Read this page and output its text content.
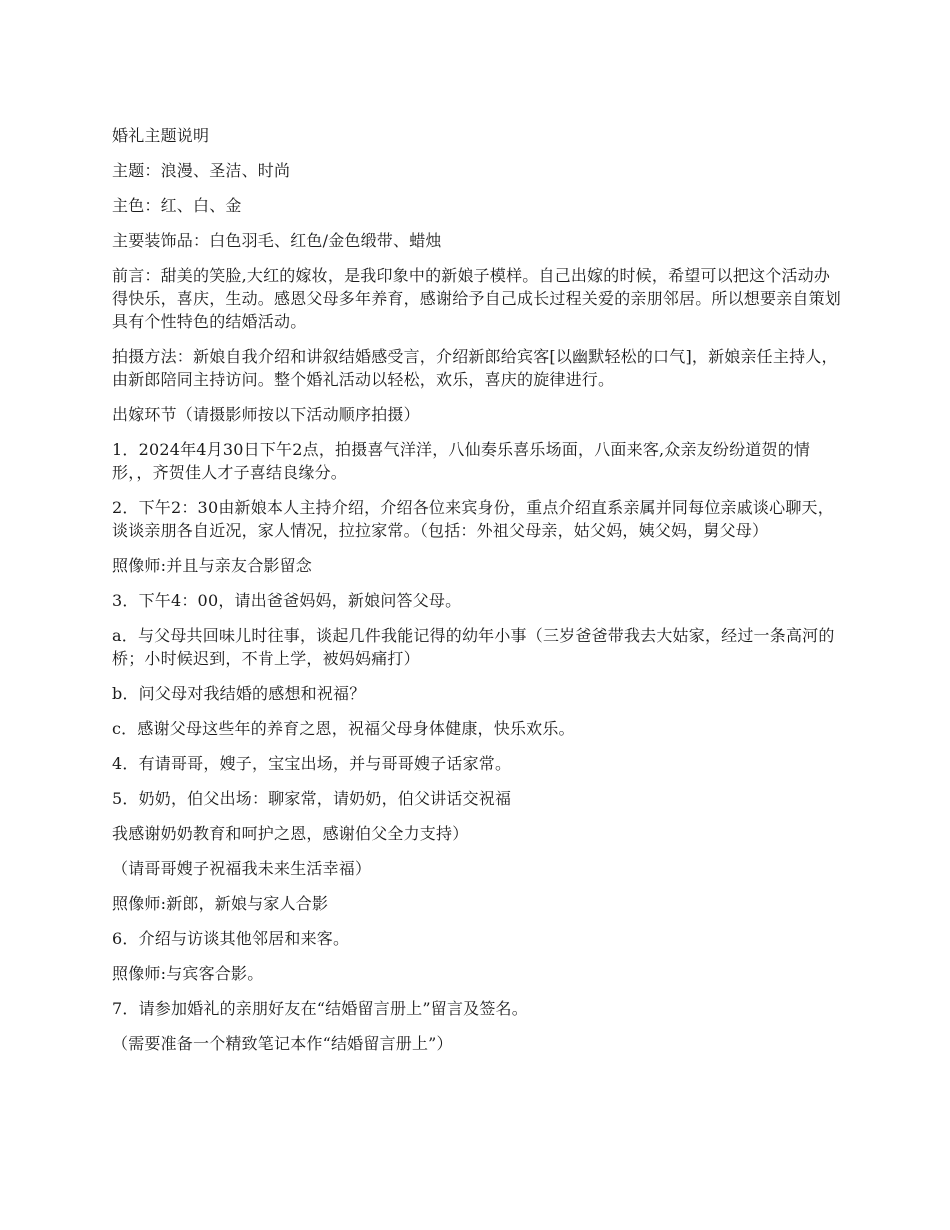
婚礼主题说明

主题：浪漫、圣洁、时尚

主色：红、白、金

主要装饰品：白色羽毛、红色/金色缎带、蜡烛

前言：甜美的笑脸,大红的嫁妆，是我印象中的新娘子模样。自己出嫁的时候，希望可以把这个活动办得快乐，喜庆，生动。感恩父母多年养育，感谢给予自己成长过程关爱的亲朋邻居。所以想要亲自策划具有个性特色的结婚活动。

拍摄方法：新娘自我介绍和讲叙结婚感受言，介绍新郎给宾客[以幽默轻松的口气]，新娘亲任主持人，由新郎陪同主持访问。整个婚礼活动以轻松，欢乐，喜庆的旋律进行。

出嫁环节（请摄影师按以下活动顺序拍摄）

1．2024年4月30日下午2点，拍摄喜气洋洋，八仙奏乐喜乐场面，八面来客,众亲友纷纷道贺的情形，，齐贺佳人才子喜结良缘分。

2．下午2：30由新娘本人主持介绍，介绍各位来宾身份，重点介绍直系亲属并同每位亲戚谈心聊天，谈谈亲朋各自近况，家人情况，拉拉家常。（包括：外祖父母亲，姑父妈，姨父妈，舅父母）

照像师:并且与亲友合影留念

3．下午4：00，请出爸爸妈妈，新娘问答父母。

a．与父母共回味儿时往事，谈起几件我能记得的幼年小事（三岁爸爸带我去大姑家，经过一条高河的桥；小时候迟到，不肯上学，被妈妈痛打）

b．问父母对我结婚的感想和祝福？

c．感谢父母这些年的养育之恩，祝福父母身体健康，快乐欢乐。

4．有请哥哥，嫂子，宝宝出场，并与哥哥嫂子话家常。

5．奶奶，伯父出场：聊家常，请奶奶，伯父讲话交祝福

我感谢奶奶教育和呵护之恩，感谢伯父全力支持）

（请哥哥嫂子祝福我未来生活幸福）

照像师:新郎，新娘与家人合影

6．介绍与访谈其他邻居和来客。

照像师:与宾客合影。

7．请参加婚礼的亲朋好友在“结婚留言册上”留言及签名。

（需要准备一个精致笔记本作“结婚留言册上”）
